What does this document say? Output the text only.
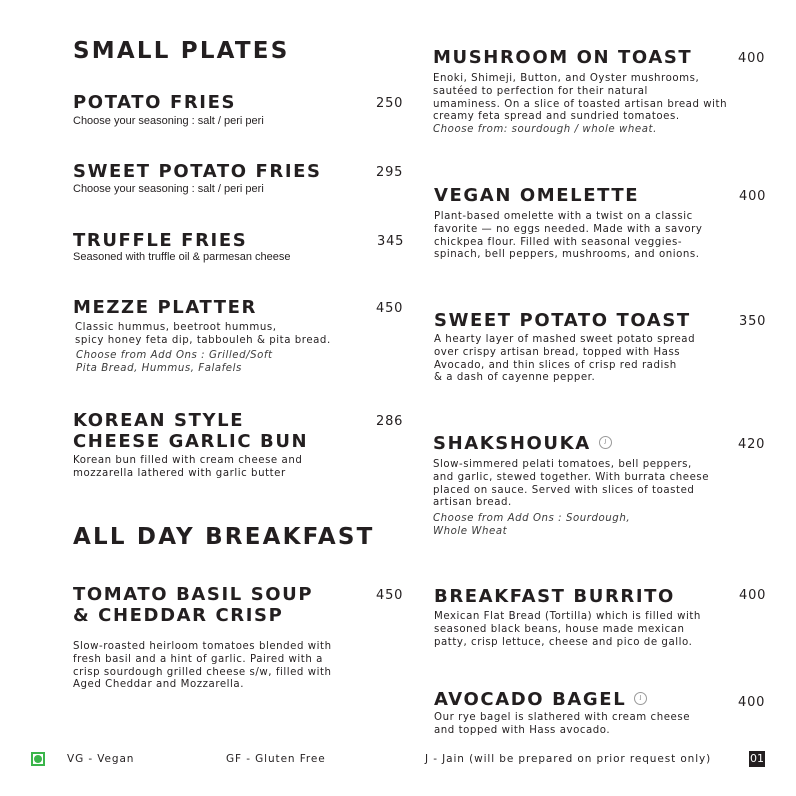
SMALL PLATES
POTATO FRIES	250
Choose your seasoning : salt / peri peri
SWEET POTATO FRIES	295
Choose your seasoning : salt / peri peri
TRUFFLE FRIES	345
Seasoned with truffle oil & parmesan cheese
MEZZE PLATTER	450
Classic hummus, beetroot hummus,
spicy honey feta dip, tabbouleh & pita bread.
Choose from Add Ons : Grilled/Soft
Pita Bread, Hummus, Falafels
KOREAN STYLE
CHEESE GARLIC BUN
286
Korean bun filled with cream cheese and
mozzarella lathered with garlic butter
ALL DAY BREAKFAST
TOMATO BASIL SOUP
& CHEDDAR CRISP
450
Slow-roasted heirloom tomatoes blended with
fresh basil and a hint of garlic. Paired with a
crisp sourdough grilled cheese s/w, filled with
Aged Cheddar and Mozzarella.
MUSHROOM ON TOAST	400
Enoki, Shimeji, Button, and Oyster mushrooms,
sautéed to perfection for their natural
umaminess. On a slice of toasted artisan bread with
creamy feta spread and sundried tomatoes.
Choose from: sourdough / whole wheat.
VEGAN OMELETTE	400
Plant-based omelette with a twist on a classic
favorite — no eggs needed. Made with a savory
chickpea flour. Filled with seasonal veggies-
spinach, bell peppers, mushrooms, and onions.
SWEET POTATO TOAST	350
A hearty layer of mashed sweet potato spread
over crispy artisan bread, topped with Hass
Avocado, and thin slices of crisp red radish
& a dash of cayenne pepper.
SHAKSHOUKA	J	420
Slow-simmered pelati tomatoes, bell peppers,
and garlic, stewed together. With burrata cheese
placed on sauce. Served with slices of toasted
artisan bread.
Choose from Add Ons : Sourdough,
Whole Wheat
BREAKFAST BURRITO	400
Mexican Flat Bread (Tortilla) which is filled with
seasoned black beans, house made mexican
patty, crisp lettuce, cheese and pico de gallo.
AVOCADO BAGEL	J	400
Our rye bagel is slathered with cream cheese
and topped with Hass avocado.
VG - Vegan	GF - Gluten Free	J - Jain (will be prepared on prior request only)	01
